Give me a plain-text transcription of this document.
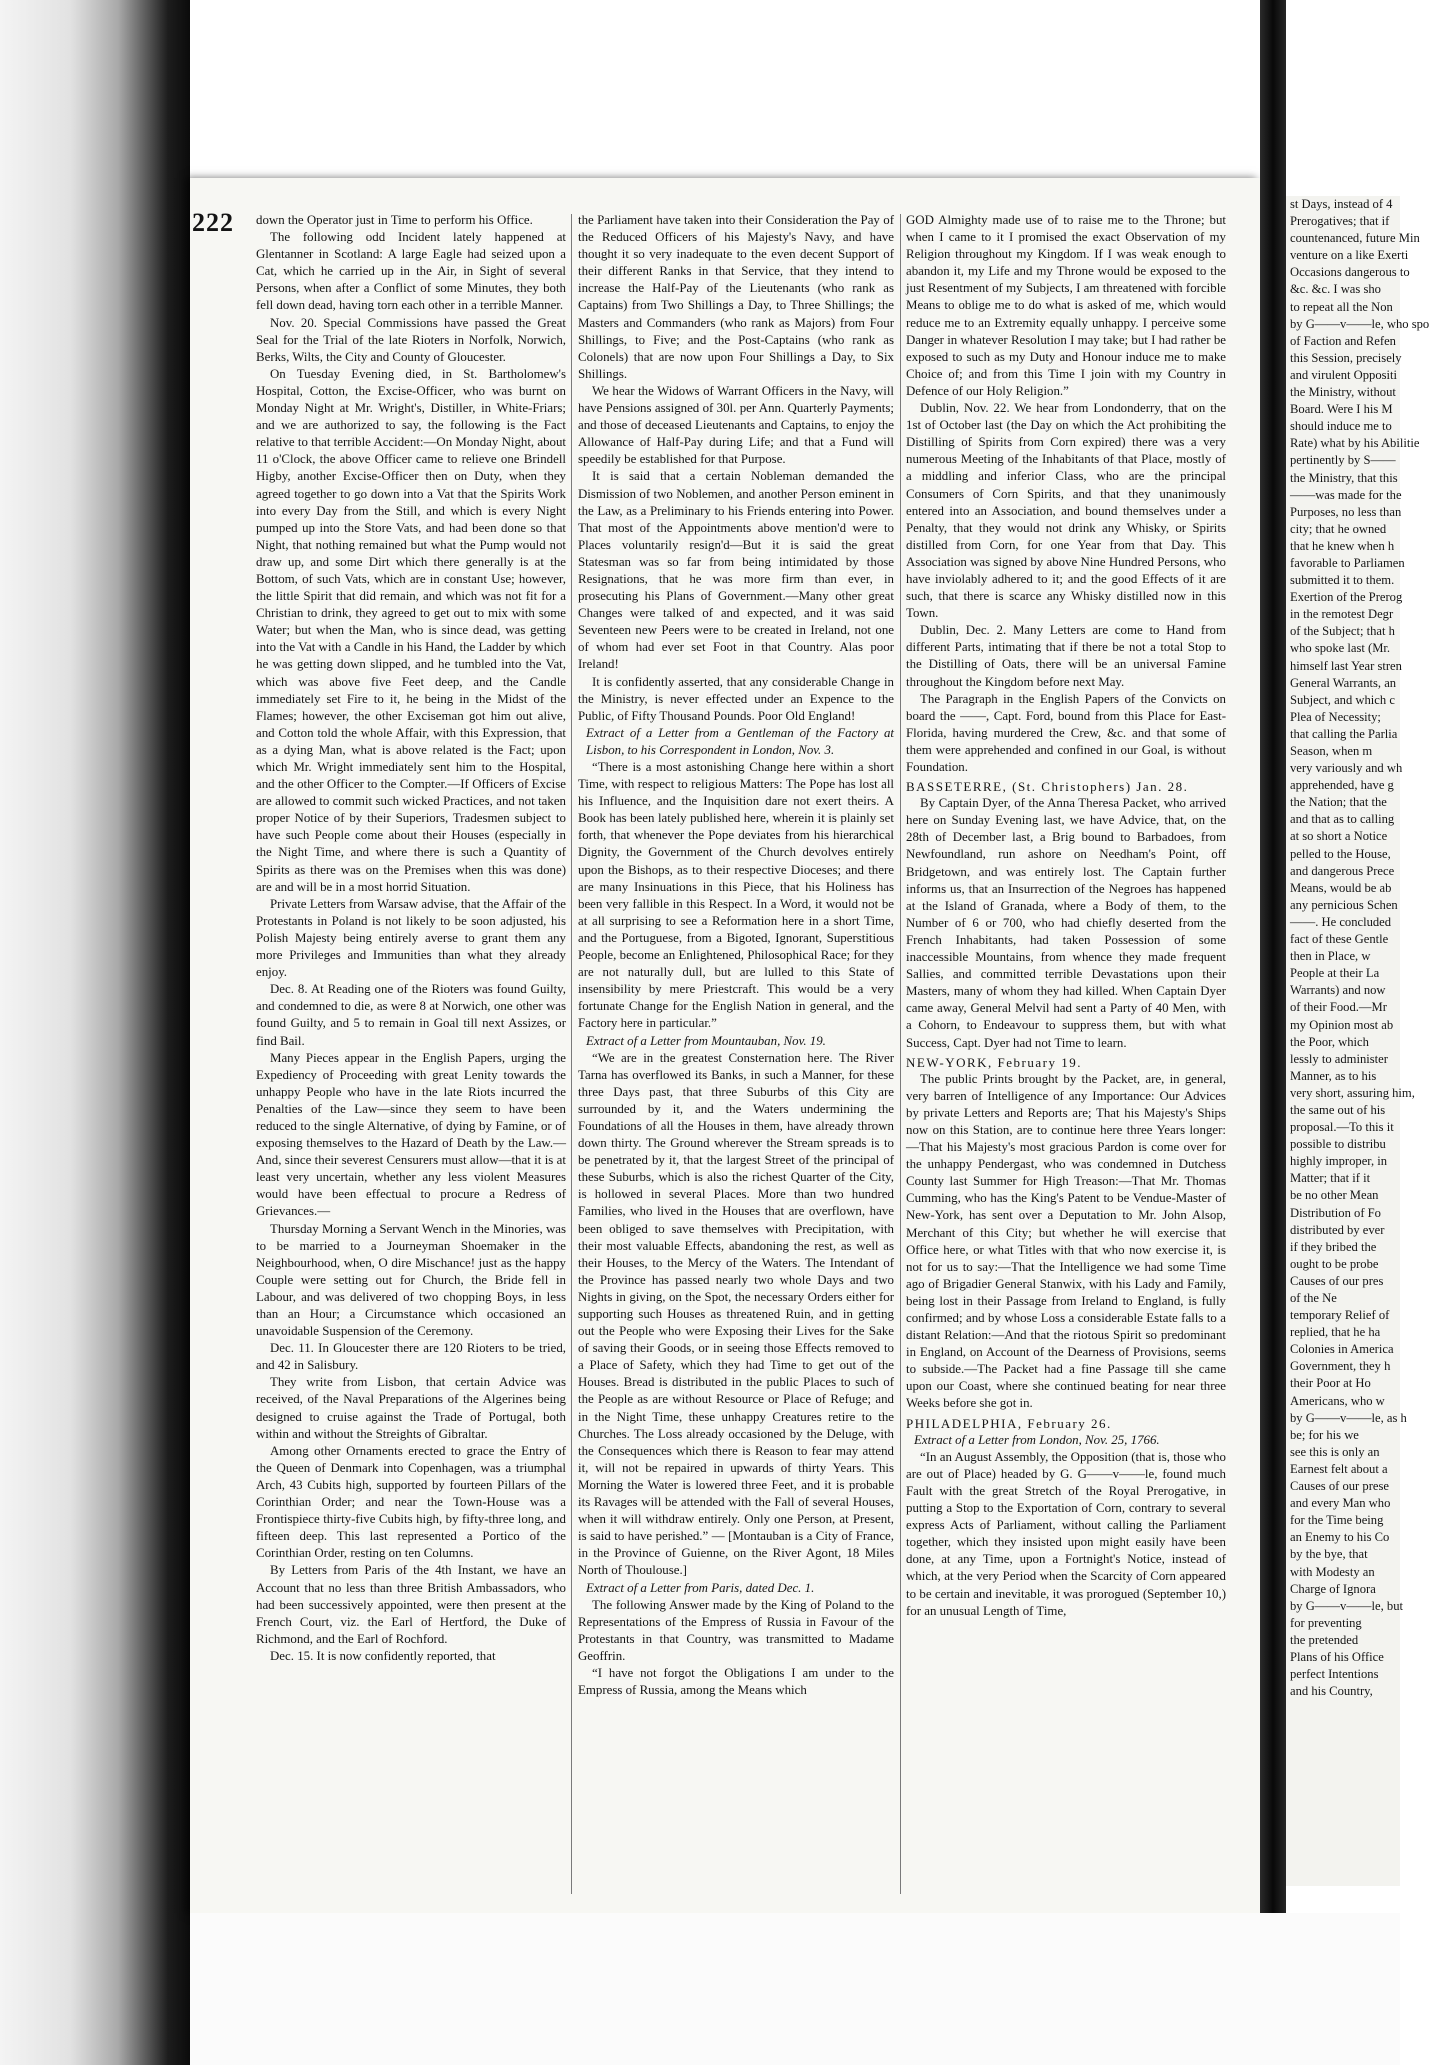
222 down the Operator just in Time to perform his Office.

The following odd Incident lately happened at Glentanner in Scotland: A large Eagle had seized upon a Cat, which he carried up in the Air, in Sight of several Persons, when after a Conflict of some Minutes, they both fell down dead, having torn each other in a terrible Manner.

Nov. 20. Special Commissions have passed the Great Seal for the Trial of the late Rioters in Norfolk, Norwich, Berks, Wilts, the City and County of Gloucester.

On Tuesday Evening died, in St. Bartholomew's Hospital, Cotton, the Excise-Officer, who was burnt on Monday Night at Mr. Wright's, Distiller, in White-Friars; and we are authorized to say, the following is the Fact relative to that terrible Accident:—On Monday Night, about 11 o'Clock, the above Officer came to relieve one Brindell Higby, another Excise-Officer then on Duty, when they agreed together to go down into a Vat that the Spirits Work into every Day from the Still, and which is every Night pumped up into the Store Vats, and had been done so that Night, that nothing remained but what the Pump would not draw up, and some Dirt which there generally is at the Bottom, of such Vats, which are in constant Use; however, the little Spirit that did remain, and which was not fit for a Christian to drink, they agreed to get out to mix with some Water; but when the Man, who is since dead, was getting into the Vat with a Candle in his Hand, the Ladder by which he was getting down slipped, and he tumbled into the Vat, which was above five Feet deep, and the Candle immediately set Fire to it, he being in the Midst of the Flames; however, the other Exciseman got him out alive, and Cotton told the whole Affair, with this Expression, that as a dying Man, what is above related is the Fact; upon which Mr. Wright immediately sent him to the Hospital, and the other Officer to the Compter.—If Officers of Excise are allowed to commit such wicked Practices, and not taken proper Notice of by their Superiors, Tradesmen subject to have such People come about their Houses (especially in the Night Time, and where there is such a Quantity of Spirits as there was on the Premises when this was done) are and will be in a most horrid Situation.

Private Letters from Warsaw advise, that the Affair of the Protestants in Poland is not likely to be soon adjusted, his Polish Majesty being entirely averse to grant them any more Privileges and Immunities than what they already enjoy.

Dec. 8. At Reading one of the Rioters was found Guilty, and condemned to die, as were 8 at Norwich, one other was found Guilty, and 5 to remain in Goal till next Assizes, or find Bail.

Many Pieces appear in the English Papers, urging the Expediency of Proceeding with great Lenity towards the unhappy People who have in the late Riots incurred the Penalties of the Law—since they seem to have been reduced to the single Alternative, of dying by Famine, or of exposing themselves to the Hazard of Death by the Law.—And, since their severest Censurers must allow—that it is at least very uncertain, whether any less violent Measures would have been effectual to procure a Redress of Grievances.—

Thursday Morning a Servant Wench in the Minories, was to be married to a Journeyman Shoemaker in the Neighbourhood, when, O dire Mischance! just as the happy Couple were setting out for Church, the Bride fell in Labour, and was delivered of two chopping Boys, in less than an Hour; a Circumstance which occasioned an unavoidable Suspension of the Ceremony.

Dec. 11. In Gloucester there are 120 Rioters to be tried, and 42 in Salisbury.

They write from Lisbon, that certain Advice was received, of the Naval Preparations of the Algerines being designed to cruise against the Trade of Portugal, both within and without the Streights of Gibraltar.

Among other Ornaments erected to grace the Entry of the Queen of Denmark into Copenhagen, was a triumphal Arch, 43 Cubits high, supported by fourteen Pillars of the Corinthian Order; and near the Town-House was a Frontispiece thirty-five Cubits high, by fifty-three long, and fifteen deep. This last represented a Portico of the Corinthian Order, resting on ten Columns.

By Letters from Paris of the 4th Instant, we have an Account that no less than three British Ambassadors, who had been successively appointed, were then present at the French Court, viz. the Earl of Hertford, the Duke of Richmond, and the Earl of Rochford.

Dec. 15. It is now confidently reported, that

the Parliament have taken into their Consideration the Pay of the Reduced Officers of his Majesty's Navy, and have thought it so very inadequate to the even decent Support of their different Ranks in that Service, that they intend to increase the Half-Pay of the Lieutenants (who rank as Captains) from Two Shillings a Day, to Three Shillings; the Masters and Commanders (who rank as Majors) from Four Shillings, to Five; and the Post-Captains (who rank as Colonels) that are now upon Four Shillings a Day, to Six Shillings.

We hear the Widows of Warrant Officers in the Navy, will have Pensions assigned of 30l. per Ann. Quarterly Payments; and those of deceased Lieutenants and Captains, to enjoy the Allowance of Half-Pay during Life; and that a Fund will speedily be established for that Purpose.

It is said that a certain Nobleman demanded the Dismission of two Noblemen, and another Person eminent in the Law, as a Preliminary to his Friends entering into Power. That most of the Appointments above mention'd were to Places voluntarily resign'd—But it is said the great Statesman was so far from being intimidated by those Resignations, that he was more firm than ever, in prosecuting his Plans of Government.—Many other great Changes were talked of and expected, and it was said Seventeen new Peers were to be created in Ireland, not one of whom had ever set Foot in that Country. Alas poor Ireland!

It is confidently asserted, that any considerable Change in the Ministry, is never effected under an Expence to the Public, of Fifty Thousand Pounds. Poor Old England!

Extract of a Letter from a Gentleman of the Factory at Lisbon, to his Correspondent in London, Nov. 3.

“There is a most astonishing Change here within a short Time, with respect to religious Matters: The Pope has lost all his Influence, and the Inquisition dare not exert theirs. A Book has been lately published here, wherein it is plainly set forth, that whenever the Pope deviates from his hierarchical Dignity, the Government of the Church devolves entirely upon the Bishops, as to their respective Dioceses; and there are many Insinuations in this Piece, that his Holiness has been very fallible in this Respect. In a Word, it would not be at all surprising to see a Reformation here in a short Time, and the Portuguese, from a Bigoted, Ignorant, Superstitious People, become an Enlightened, Philosophical Race; for they are not naturally dull, but are lulled to this State of insensibility by mere Priestcraft. This would be a very fortunate Change for the English Nation in general, and the Factory here in particular.”

Extract of a Letter from Mountauban, Nov. 19.

“We are in the greatest Consternation here. The River Tarna has overflowed its Banks, in such a Manner, for these three Days past, that three Suburbs of this City are surrounded by it, and the Waters undermining the Foundations of all the Houses in them, have already thrown down thirty. The Ground wherever the Stream spreads is to be penetrated by it, that the largest Street of the principal of these Suburbs, which is also the richest Quarter of the City, is hollowed in several Places. More than two hundred Families, who lived in the Houses that are overflown, have been obliged to save themselves with Precipitation, with their most valuable Effects, abandoning the rest, as well as their Houses, to the Mercy of the Waters. The Intendant of the Province has passed nearly two whole Days and two Nights in giving, on the Spot, the necessary Orders either for supporting such Houses as threatened Ruin, and in getting out the People who were Exposing their Lives for the Sake of saving their Goods, or in seeing those Effects removed to a Place of Safety, which they had Time to get out of the Houses. Bread is distributed in the public Places to such of the People as are without Resource or Place of Refuge; and in the Night Time, these unhappy Creatures retire to the Churches. The Loss already occasioned by the Deluge, with the Consequences which there is Reason to fear may attend it, will not be repaired in upwards of thirty Years. This Morning the Water is lowered three Feet, and it is probable its Ravages will be attended with the Fall of several Houses, when it will withdraw entirely. Only one Person, at Present, is said to have perished.” — [Montauban is a City of France, in the Province of Guienne, on the River Agont, 18 Miles North of Thoulouse.]

Extract of a Letter from Paris, dated Dec. 1.

The following Answer made by the King of Poland to the Representations of the Empress of Russia in Favour of the Protestants in that Country, was transmitted to Madame Geoffrin.

“I have not forgot the Obligations I am under to the Empress of Russia, among the Means which

GOD Almighty made use of to raise me to the Throne; but when I came to it I promised the exact Observation of my Religion throughout my Kingdom. If I was weak enough to abandon it, my Life and my Throne would be exposed to the just Resentment of my Subjects, I am threatened with forcible Means to oblige me to do what is asked of me, which would reduce me to an Extremity equally unhappy. I perceive some Danger in whatever Resolution I may take; but I had rather be exposed to such as my Duty and Honour induce me to make Choice of; and from this Time I join with my Country in Defence of our Holy Religion.”

Dublin, Nov. 22. We hear from Londonderry, that on the 1st of October last (the Day on which the Act prohibiting the Distilling of Spirits from Corn expired) there was a very numerous Meeting of the Inhabitants of that Place, mostly of a middling and inferior Class, who are the principal Consumers of Corn Spirits, and that they unanimously entered into an Association, and bound themselves under a Penalty, that they would not drink any Whisky, or Spirits distilled from Corn, for one Year from that Day. This Association was signed by above Nine Hundred Persons, who have inviolably adhered to it; and the good Effects of it are such, that there is scarce any Whisky distilled now in this Town.

Dublin, Dec. 2. Many Letters are come to Hand from different Parts, intimating that if there be not a total Stop to the Distilling of Oats, there will be an universal Famine throughout the Kingdom before next May.

The Paragraph in the English Papers of the Convicts on board the ——, Capt. Ford, bound from this Place for East-Florida, having murdered the Crew, &c. and that some of them were apprehended and confined in our Goal, is without Foundation.

BASSETERRE, (St. Christophers) Jan. 28.

By Captain Dyer, of the Anna Theresa Packet, who arrived here on Sunday Evening last, we have Advice, that, on the 28th of December last, a Brig bound to Barbadoes, from Newfoundland, run ashore on Needham's Point, off Bridgetown, and was entirely lost. The Captain further informs us, that an Insurrection of the Negroes has happened at the Island of Granada, where a Body of them, to the Number of 6 or 700, who had chiefly deserted from the French Inhabitants, had taken Possession of some inaccessible Mountains, from whence they made frequent Sallies, and committed terrible Devastations upon their Masters, many of whom they had killed. When Captain Dyer came away, General Melvil had sent a Party of 40 Men, with a Cohorn, to Endeavour to suppress them, but with what Success, Capt. Dyer had not Time to learn.

NEW-YORK, February 19.

The public Prints brought by the Packet, are, in general, very barren of Intelligence of any Importance: Our Advices by private Letters and Reports are; That his Majesty's Ships now on this Station, are to continue here three Years longer:—That his Majesty's most gracious Pardon is come over for the unhappy Pendergast, who was condemned in Dutchess County last Summer for High Treason:—That Mr. Thomas Cumming, who has the King's Patent to be Vendue-Master of New-York, has sent over a Deputation to Mr. John Alsop, Merchant of this City; but whether he will exercise that Office here, or what Titles with that who now exercise it, is not for us to say:—That the Intelligence we had some Time ago of Brigadier General Stanwix, with his Lady and Family, being lost in their Passage from Ireland to England, is fully confirmed; and by whose Loss a considerable Estate falls to a distant Relation:—And that the riotous Spirit so predominant in England, on Account of the Dearness of Provisions, seems to subside.—The Packet had a fine Passage till she came upon our Coast, where she continued beating for near three Weeks before she got in.

PHILADELPHIA, February 26.

Extract of a Letter from London, Nov. 25, 1766.

“In an August Assembly, the Opposition (that is, those who are out of Place) headed by G. G——v——le, found much Fault with the great Stretch of the Royal Prerogative, in putting a Stop to the Exportation of Corn, contrary to several express Acts of Parliament, without calling the Parliament together, which they insisted upon might easily have been done, at any Time, upon a Fortnight's Notice, instead of which, at the very Period when the Scarcity of Corn appeared to be certain and inevitable, it was prorogued (September 10,) for an unusual Length of Time,

st Days, instead of 4
Prerogatives; that if
countenanced, future Min
venture on a like Exerti
Occasions dangerous to
&c. &c. I was sho
to repeat all the Non
by G——v——le, who spo
of Faction and Refen
this Session, precisely
and virulent Oppositi
the Ministry, without
Board. Were I his M
should induce me to
Rate) what by his Abilitie
pertinently by S——
the Ministry, that this
——was made for the
Purposes, no less than
city; that he owned
that he knew when h
favorable to Parliamen
submitted it to them.
Exertion of the Prerog
in the remotest Degr
of the Subject; that h
who spoke last (Mr.
himself last Year stren
General Warrants, an
Subject, and which c
Plea of Necessity;
that calling the Parlia
Season, when m
very variously and wh
apprehended, have g
the Nation; that the
and that as to calling
at so short a Notice
pelled to the House,
and dangerous Prece
Means, would be ab
any pernicious Schen
——. He concluded
fact of these Gentle
then in Place, w
People at their La
Warrants) and now
of their Food.—Mr
my Opinion most ab
the Poor, which
lessly to administer
Manner, as to his
very short, assuring him,
the same out of his
proposal.—To this it
possible to distribu
highly improper, in
Matter; that if it
be no other Mean
Distribution of Fo
distributed by ever
if they bribed the
ought to be probe
Causes of our pres
of the Ne
temporary Relief of
replied, that he ha
Colonies in America
Government, they h
their Poor at Ho
Americans, who w
by G——v——le, as h
be; for his we
see this is only an
Earnest felt about a
Causes of our prese
and every Man who
for the Time being
an Enemy to his Co
by the bye, that
with Modesty an
Charge of Ignora
by G——v——le, but
for preventing
the pretended
Plans of his Office
perfect Intentions
and his Country,
